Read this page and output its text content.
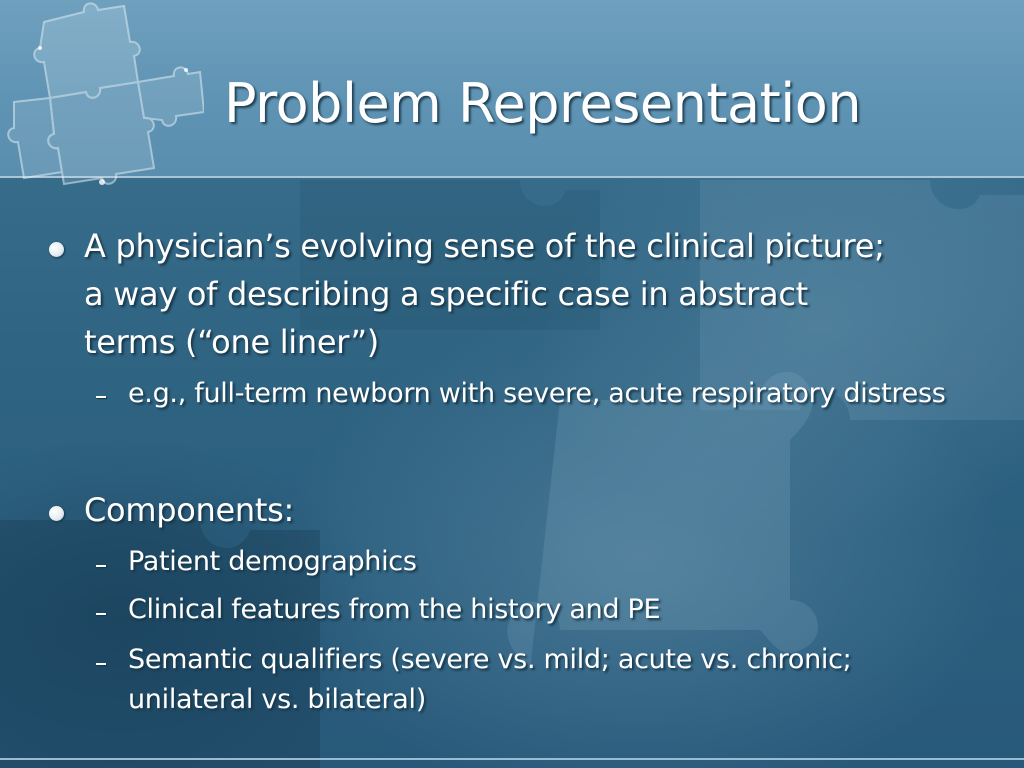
Problem Representation
A physician’s evolving sense of the clinical picture; a way of describing a specific case in abstract terms (“one liner”)
e.g., full-term newborn with severe, acute respiratory distress
Components:
Patient demographics
Clinical features from the history and PE
Semantic qualifiers (severe vs. mild; acute vs. chronic; unilateral vs. bilateral)
